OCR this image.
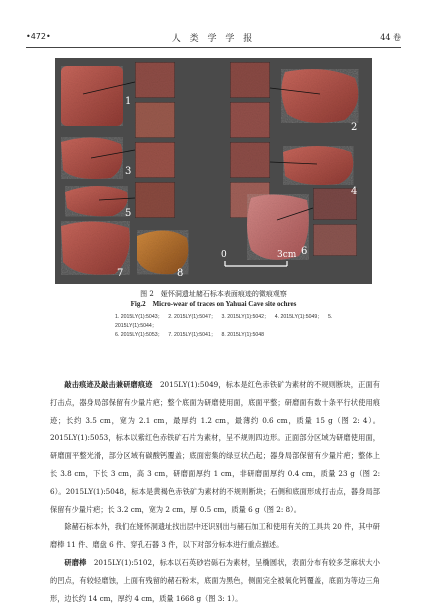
•472•	人 类 学 学 报	44 卷
1
2
3
4
5
6
7	8
0	3cm
图 2　娅怀洞遗址赭石标本表面痕迹的微痕观察
Fig.2　Micro-wear of traces on Yahuai Cave site ochres
1. 2015LY(1):5043； 2. 2015LY(1):5047； 3. 2015LY(1):5042； 4. 2015LY(1):5049； 5. 2015LY(1):5044；
6. 2015LY(1):5053； 7. 2015LY(1):5041； 8. 2015LY(1):5048

敲击痕迹及敲击兼研磨痕迹　 2015LY(1):5049，标本是红色赤铁矿为素材的不规则断块，正面有打击点，器身局部保留有少量片疤；整个底面为研磨使用面，底面平整；研磨面有数十条平行状使用痕迹；长约 3.5 cm，宽为 2.1 cm，最厚约 1.2 cm，最薄约 0.6 cm，质量 15 g（图 2: 4）。2015LY(1):5053，标本以紫红色赤铁矿石片为素材，呈不规则四边形。正面部分区域为研磨使用面，研磨面平整光滑，部分区域有碳酸钙覆盖；底面密集的绿豆状凸起；器身局部保留有少量片疤；整体上长 3.8 cm，下长 3 cm，高 3 cm，研磨面厚约 1 cm，非研磨面厚约 0.4 cm，质量 23 g（图 2: 6）。2015LY(1):5048，标本是黄褐色赤铁矿为素材的不规则断块；石侧和底面形成打击点，器身局部保留有少量片疤；长 3.2 cm，宽为 2 cm，厚 0.5 cm，质量 6 g（图 2: 8）。

除赭石标本外，我们在娅怀洞遗址找出层中还识别出与赭石加工和使用有关的工具共 20 件，其中研磨棒 11 件、磨盘 6 件、穿孔石器 3 件，以下对部分标本进行重点描述。

研磨棒　 2015LY(1):5102，标本以石英砂岩砾石为素材，呈椭圆状，表面分布有较多芝麻状大小的凹点，有较轻磨蚀，上面有残留的赭石粉末，底面为黑色，侧面完全被氧化钙覆盖，底面为等边三角形，边长约 14 cm，厚约 4 cm，质量 1668 g（图 3: 1）。
